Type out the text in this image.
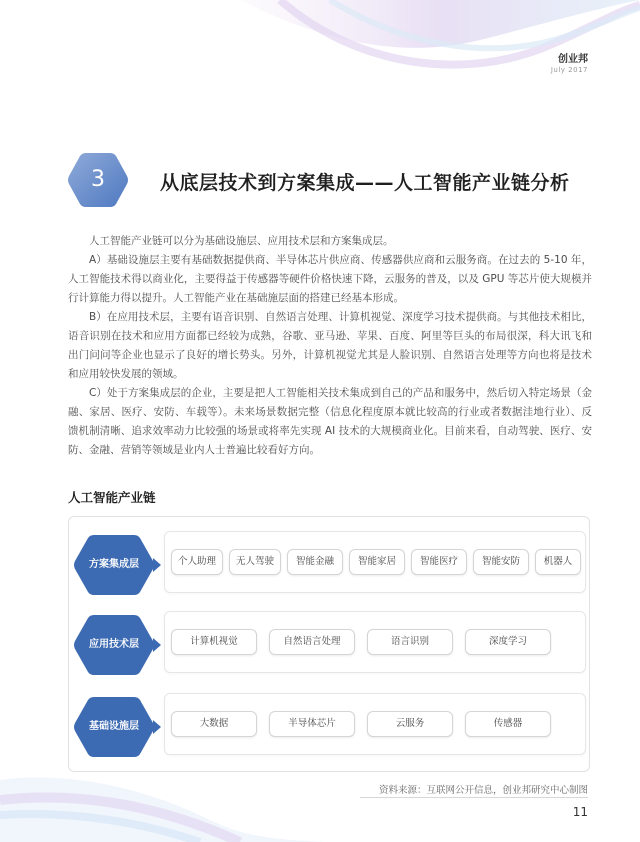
创业邦
July 2017
3	从底层技术到方案集成——人工智能产业链分析

人工智能产业链可以分为基础设施层、应用技术层和方案集成层。

A）基础设施层主要有基础数据提供商、半导体芯片供应商、传感器供应商和云服务商。在过去的 5-10 年，人工智能技术得以商业化，主要得益于传感器等硬件价格快速下降，云服务的普及，以及 GPU 等芯片使大规模并行计算能力得以提升。人工智能产业在基础施层面的搭建已经基本形成。

B）在应用技术层，主要有语音识别、自然语言处理、计算机视觉、深度学习技术提供商。与其他技术相比，语音识别在技术和应用方面都已经较为成熟，谷歌、亚马逊、苹果、百度、阿里等巨头的布局很深，科大讯飞和出门问问等企业也显示了良好的增长势头。另外，计算机视觉尤其是人脸识别、自然语言处理等方向也将是技术和应用较快发展的领域。

C）处于方案集成层的企业，主要是把人工智能相关技术集成到自己的产品和服务中，然后切入特定场景（金融、家居、医疗、安防、车载等）。未来场景数据完整（信息化程度原本就比较高的行业或者数据洼地行业）、反馈机制清晰、追求效率动力比较强的场景或将率先实现 AI 技术的大规模商业化。目前来看，自动驾驶、医疗、安防、金融、营销等领域是业内人士普遍比较看好方向。

人工智能产业链
方案集成层	个人助理	无人驾驶	智能金融	智能家居	智能医疗	智能安防	机器人
应用技术层	计算机视觉	自然语言处理	语言识别	深度学习
基础设施层	大数据	半导体芯片	云服务	传感器
资料来源：互联网公开信息，创业邦研究中心制图
11
